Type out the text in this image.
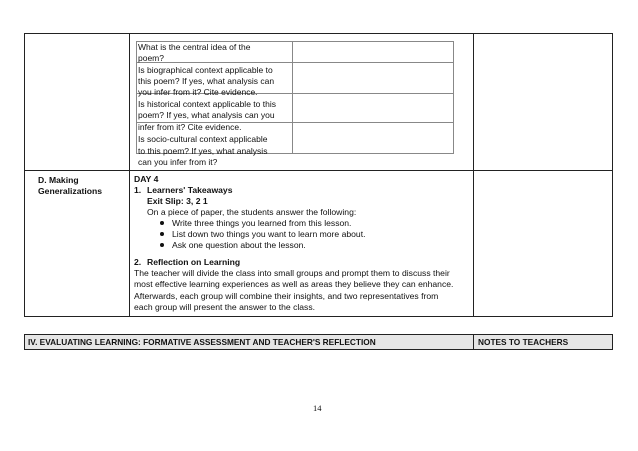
What is the central idea of the
poem?
Is biographical context applicable to
this poem? If yes, what analysis can
you infer from it? Cite evidence.
Is historical context applicable to this
poem? If yes, what analysis can you
infer from it? Cite evidence.
Is socio-cultural context applicable
to this poem? If yes, what analysis
can you infer from it?
D. Making
Generalizations
DAY 4
1. Learners' Takeaways
Exit Slip: 3, 2 1
On a piece of paper, the students answer the following:
Write three things you learned from this lesson.
List down two things you want to learn more about.
Ask one question about the lesson.
2. Reflection on Learning
The teacher will divide the class into small groups and prompt them to discuss their
most effective learning experiences as well as areas they believe they can enhance.
Afterwards, each group will combine their insights, and two representatives from
each group will present the answer to the class.
IV. EVALUATING LEARNING: FORMATIVE ASSESSMENT AND TEACHER'S REFLECTION	NOTES TO TEACHERS
14
